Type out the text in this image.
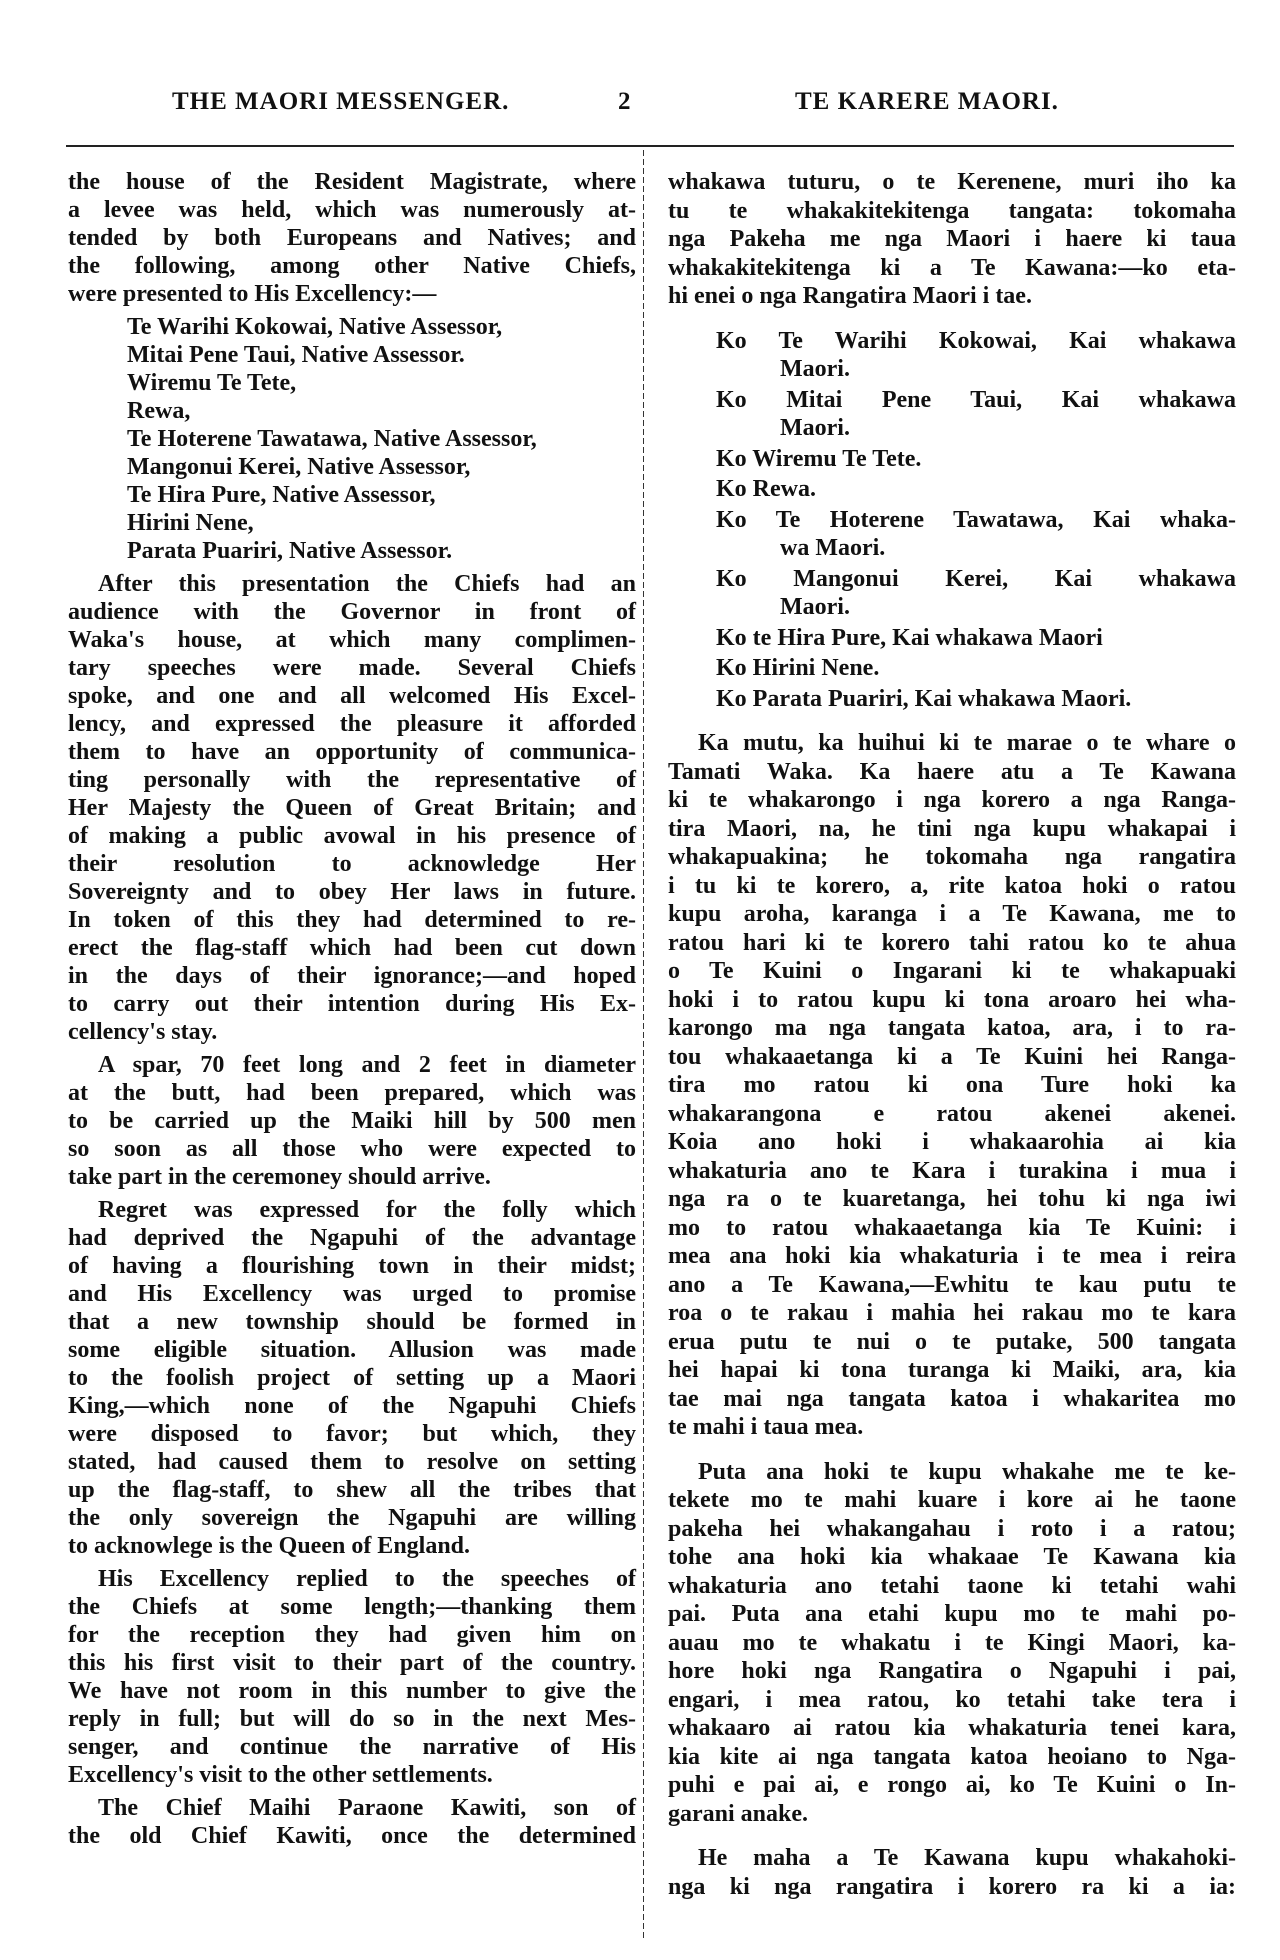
THE MAORI MESSENGER.	2	TE KARERE MAORI.
the house of the Resident Magistrate, where
a levee was held, which was numerously at-
tended by both Europeans and Natives; and
the following, among other Native Chiefs,
were presented to His Excellency:—
Te Warihi Kokowai, Native Assessor,
Mitai Pene Taui, Native Assessor.
Wiremu Te Tete,
Rewa,
Te Hoterene Tawatawa, Native Assessor,
Mangonui Kerei, Native Assessor,
Te Hira Pure, Native Assessor,
Hirini Nene,
Parata Puariri, Native Assessor.
After this presentation the Chiefs had an
audience with the Governor in front of
Waka's house, at which many complimen-
tary speeches were made. Several Chiefs
spoke, and one and all welcomed His Excel-
lency, and expressed the pleasure it afforded
them to have an opportunity of communica-
ting personally with the representative of
Her Majesty the Queen of Great Britain; and
of making a public avowal in his presence of
their resolution to acknowledge Her
Sovereignty and to obey Her laws in future.
In token of this they had determined to re-
erect the flag-staff which had been cut down
in the days of their ignorance;—and hoped
to carry out their intention during His Ex-
cellency's stay.
A spar, 70 feet long and 2 feet in diameter
at the butt, had been prepared, which was
to be carried up the Maiki hill by 500 men
so soon as all those who were expected to
take part in the ceremoney should arrive.
Regret was expressed for the folly which
had deprived the Ngapuhi of the advantage
of having a flourishing town in their midst;
and His Excellency was urged to promise
that a new township should be formed in
some eligible situation. Allusion was made
to the foolish project of setting up a Maori
King,—which none of the Ngapuhi Chiefs
were disposed to favor; but which, they
stated, had caused them to resolve on setting
up the flag-staff, to shew all the tribes that
the only sovereign the Ngapuhi are willing
to acknowlege is the Queen of England.
His Excellency replied to the speeches of
the Chiefs at some length;—thanking them
for the reception they had given him on
this his first visit to their part of the country.
We have not room in this number to give the
reply in full; but will do so in the next Mes-
senger, and continue the narrative of His
Excellency's visit to the other settlements.
The Chief Maihi Paraone Kawiti, son of
the old Chief Kawiti, once the determined
whakawa tuturu, o te Kerenene, muri iho ka
tu te whakakitekitenga tangata: tokomaha
nga Pakeha me nga Maori i haere ki taua
whakakitekitenga ki a Te Kawana:—ko eta-
hi enei o nga Rangatira Maori i tae.
Ko Te Warihi Kokowai, Kai whakawa
Maori.
Ko Mitai Pene Taui, Kai whakawa
Maori.
Ko Wiremu Te Tete.
Ko Rewa.
Ko Te Hoterene Tawatawa, Kai whaka-
wa Maori.
Ko Mangonui Kerei, Kai whakawa
Maori.
Ko te Hira Pure, Kai whakawa Maori
Ko Hirini Nene.
Ko Parata Puariri, Kai whakawa Maori.
Ka mutu, ka huihui ki te marae o te whare o
Tamati Waka. Ka haere atu a Te Kawana
ki te whakarongo i nga korero a nga Ranga-
tira Maori, na, he tini nga kupu whakapai i
whakapuakina; he tokomaha nga rangatira
i tu ki te korero, a, rite katoa hoki o ratou
kupu aroha, karanga i a Te Kawana, me to
ratou hari ki te korero tahi ratou ko te ahua
o Te Kuini o Ingarani ki te whakapuaki
hoki i to ratou kupu ki tona aroaro hei wha-
karongo ma nga tangata katoa, ara, i to ra-
tou whakaaetanga ki a Te Kuini hei Ranga-
tira mo ratou ki ona Ture hoki ka
whakarangona e ratou akenei akenei.
Koia ano hoki i whakaarohia ai kia
whakaturia ano te Kara i turakina i mua i
nga ra o te kuaretanga, hei tohu ki nga iwi
mo to ratou whakaaetanga kia Te Kuini: i
mea ana hoki kia whakaturia i te mea i reira
ano a Te Kawana,—Ewhitu te kau putu te
roa o te rakau i mahia hei rakau mo te kara
erua putu te nui o te putake, 500 tangata
hei hapai ki tona turanga ki Maiki, ara, kia
tae mai nga tangata katoa i whakaritea mo
te mahi i taua mea.
Puta ana hoki te kupu whakahe me te ke-
tekete mo te mahi kuare i kore ai he taone
pakeha hei whakangahau i roto i a ratou;
tohe ana hoki kia whakaae Te Kawana kia
whakaturia ano tetahi taone ki tetahi wahi
pai. Puta ana etahi kupu mo te mahi po-
auau mo te whakatu i te Kingi Maori, ka-
hore hoki nga Rangatira o Ngapuhi i pai,
engari, i mea ratou, ko tetahi take tera i
whakaaro ai ratou kia whakaturia tenei kara,
kia kite ai nga tangata katoa heoiano to Nga-
puhi e pai ai, e rongo ai, ko Te Kuini o In-
garani anake.
He maha a Te Kawana kupu whakahoki-
nga ki nga rangatira i korero ra ki a ia:
